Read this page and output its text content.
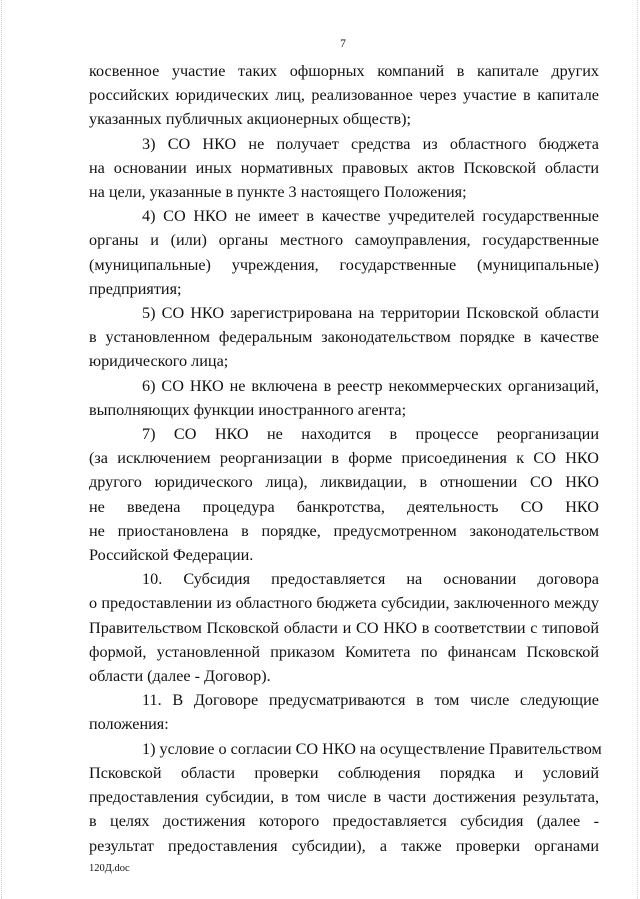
7
косвенное участие таких офшорных компаний в капитале других
российских юридических лиц, реализованное через участие в капитале
указанных публичных акционерных обществ);
3) СО НКО не получает средства из областного бюджета
на основании иных нормативных правовых актов Псковской области
на цели, указанные в пункте 3 настоящего Положения;
4) СО НКО не имеет в качестве учредителей государственные
органы и (или) органы местного самоуправления, государственные
(муниципальные) учреждения, государственные (муниципальные)
предприятия;
5) СО НКО зарегистрирована на территории Псковской области
в установленном федеральным законодательством порядке в качестве
юридического лица;
6) СО НКО не включена в реестр некоммерческих организаций,
выполняющих функции иностранного агента;
7) СО НКО не находится в процессе реорганизации
(за исключением реорганизации в форме присоединения к СО НКО
другого юридического лица), ликвидации, в отношении СО НКО
не введена процедура банкротства, деятельность СО НКО
не приостановлена в порядке, предусмотренном законодательством
Российской Федерации.
10. Субсидия предоставляется на основании договора
о предоставлении из областного бюджета субсидии, заключенного между
Правительством Псковской области и СО НКО в соответствии с типовой
формой, установленной приказом Комитета по финансам Псковской
области (далее - Договор).
11. В Договоре предусматриваются в том числе следующие
положения:
1) условие о согласии СО НКО на осуществление Правительством
Псковской области проверки соблюдения порядка и условий
предоставления субсидии, в том числе в части достижения результата,
в целях достижения которого предоставляется субсидия (далее -
результат предоставления субсидии), а также проверки органами
120Д.doc
